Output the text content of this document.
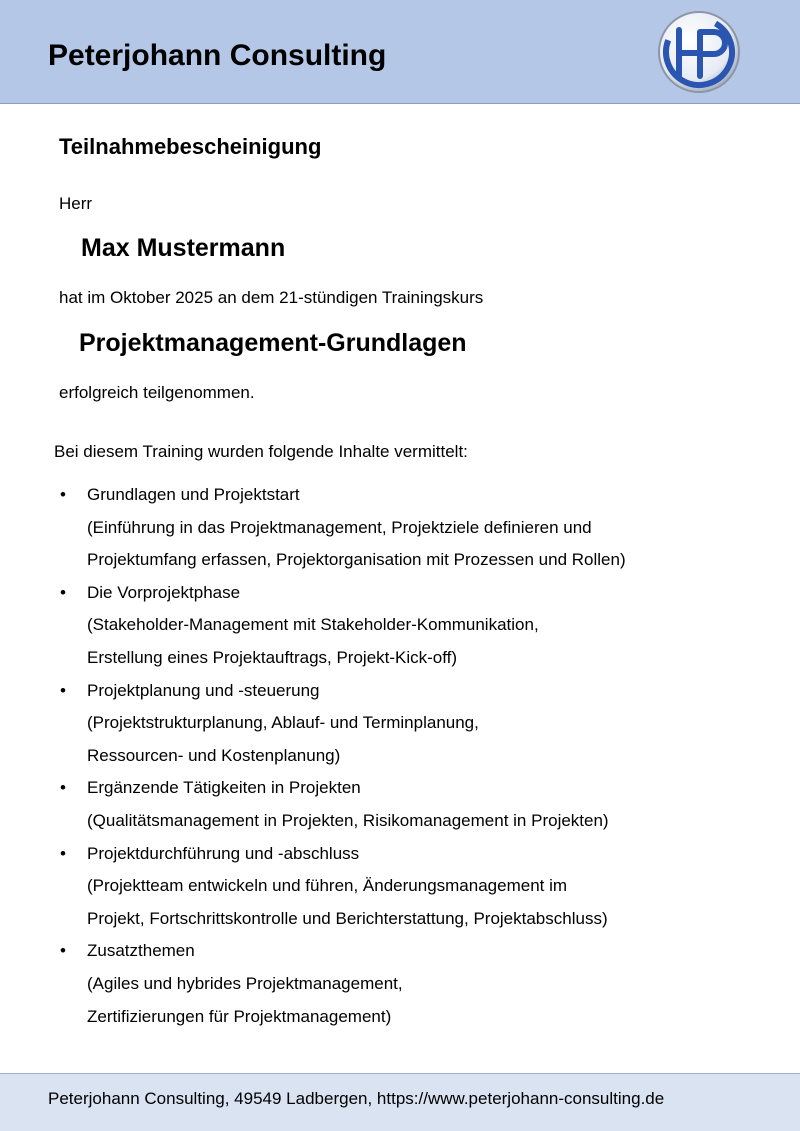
Peterjohann Consulting
Teilnahmebescheinigung
Herr
Max Mustermann
hat im Oktober 2025 an dem 21-stündigen Trainingskurs
Projektmanagement-Grundlagen
erfolgreich teilgenommen.
Bei diesem Training wurden folgende Inhalte vermittelt:
• Grundlagen und Projektstart
(Einführung in das Projektmanagement, Projektziele definieren und
Projektumfang erfassen, Projektorganisation mit Prozessen und Rollen)
• Die Vorprojektphase
(Stakeholder-Management mit Stakeholder-Kommunikation,
Erstellung eines Projektauftrags, Projekt-Kick-off)
• Projektplanung und -steuerung
(Projektstrukturplanung, Ablauf- und Terminplanung,
Ressourcen- und Kostenplanung)
• Ergänzende Tätigkeiten in Projekten
(Qualitätsmanagement in Projekten, Risikomanagement in Projekten)
• Projektdurchführung und -abschluss
(Projektteam entwickeln und führen, Änderungsmanagement im
Projekt, Fortschrittskontrolle und Berichterstattung, Projektabschluss)
• Zusatzthemen
(Agiles und hybrides Projektmanagement,
Zertifizierungen für Projektmanagement)
Peterjohann Consulting, 49549 Ladbergen, https://www.peterjohann-consulting.de
